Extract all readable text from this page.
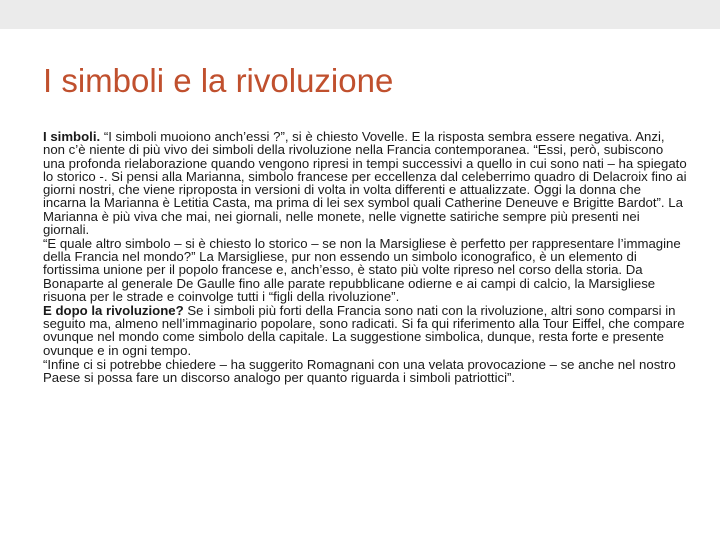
I simboli e la rivoluzione

I simboli. “I simboli muoiono anch’essi ?”, si è chiesto Vovelle. E la risposta sembra essere negativa. Anzi, non c’è niente di più vivo dei simboli della rivoluzione nella Francia contemporanea. “Essi, però, subiscono una profonda rielaborazione quando vengono ripresi in tempi successivi a quello in cui sono nati – ha spiegato lo storico -. Si pensi alla Marianna, simbolo francese per eccellenza dal celeberrimo quadro di Delacroix fino ai giorni nostri, che viene riproposta in versioni di volta in volta differenti e attualizzate. Oggi la donna che incarna la Marianna è Letitia Casta, ma prima di lei sex symbol quali Catherine Deneuve e Brigitte Bardot”. La Marianna è più viva che mai, nei giornali, nelle monete, nelle vignette satiriche sempre più presenti nei giornali.

“E quale altro simbolo – si è chiesto lo storico – se non la Marsigliese è perfetto per rappresentare l’immagine della Francia nel mondo?” La Marsigliese, pur non essendo un simbolo iconografico, è un elemento di fortissima unione per il popolo francese e, anch’esso, è stato più volte ripreso nel corso della storia. Da Bonaparte al generale De Gaulle fino alle parate repubblicane odierne e ai campi di calcio, la Marsigliese risuona per le strade e coinvolge tutti i “figli della rivoluzione”.

E dopo la rivoluzione? Se i simboli più forti della Francia sono nati con la rivoluzione, altri sono comparsi in seguito ma, almeno nell’immaginario popolare, sono radicati. Si fa qui riferimento alla Tour Eiffel, che compare ovunque nel mondo come simbolo della capitale. La suggestione simbolica, dunque, resta forte e presente ovunque e in ogni tempo.

“Infine ci si potrebbe chiedere – ha suggerito Romagnani con una velata provocazione – se anche nel nostro Paese si possa fare un discorso analogo per quanto riguarda i simboli patriottici”.
